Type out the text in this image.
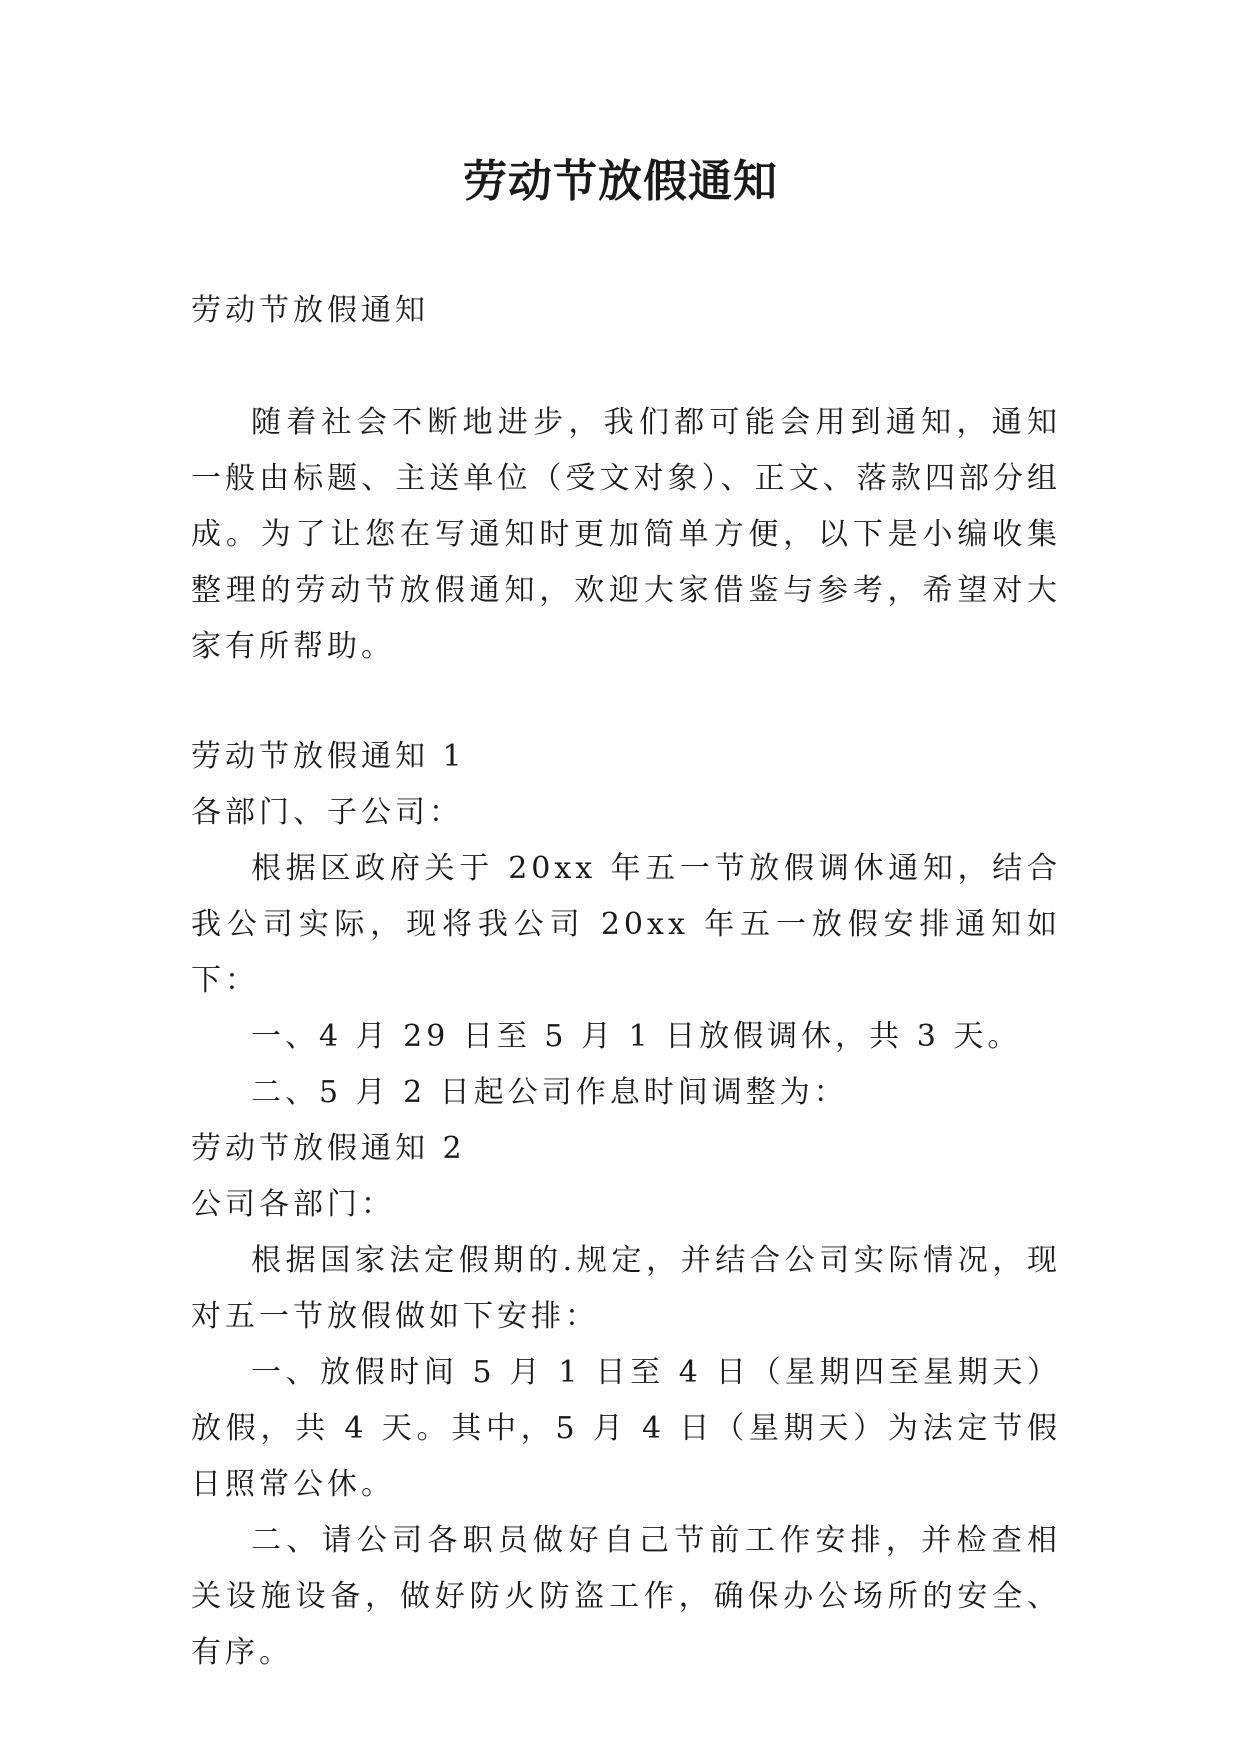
劳动节放假通知

劳动节放假通知

随着社会不断地进步，我们都可能会用到通知，通知一般由标题、主送单位（受文对象）、正文、落款四部分组成。为了让您在写通知时更加简单方便，以下是小编收集整理的劳动节放假通知，欢迎大家借鉴与参考，希望对大家有所帮助。

劳动节放假通知 1

各部门、子公司：

根据区政府关于 20xx 年五一节放假调休通知，结合我公司实际，现将我公司 20xx 年五一放假安排通知如下：

一、4 月 29 日至 5 月 1 日放假调休，共 3 天。

二、5 月 2 日起公司作息时间调整为：

劳动节放假通知 2

公司各部门：

根据国家法定假期的.规定，并结合公司实际情况，现对五一节放假做如下安排：

一、放假时间 5 月 1 日至 4 日（星期四至星期天）放假，共 4 天。其中，5 月 4 日（星期天）为法定节假日照常公休。

二、请公司各职员做好自己节前工作安排，并检查相关设施设备，做好防火防盗工作，确保办公场所的安全、有序。
